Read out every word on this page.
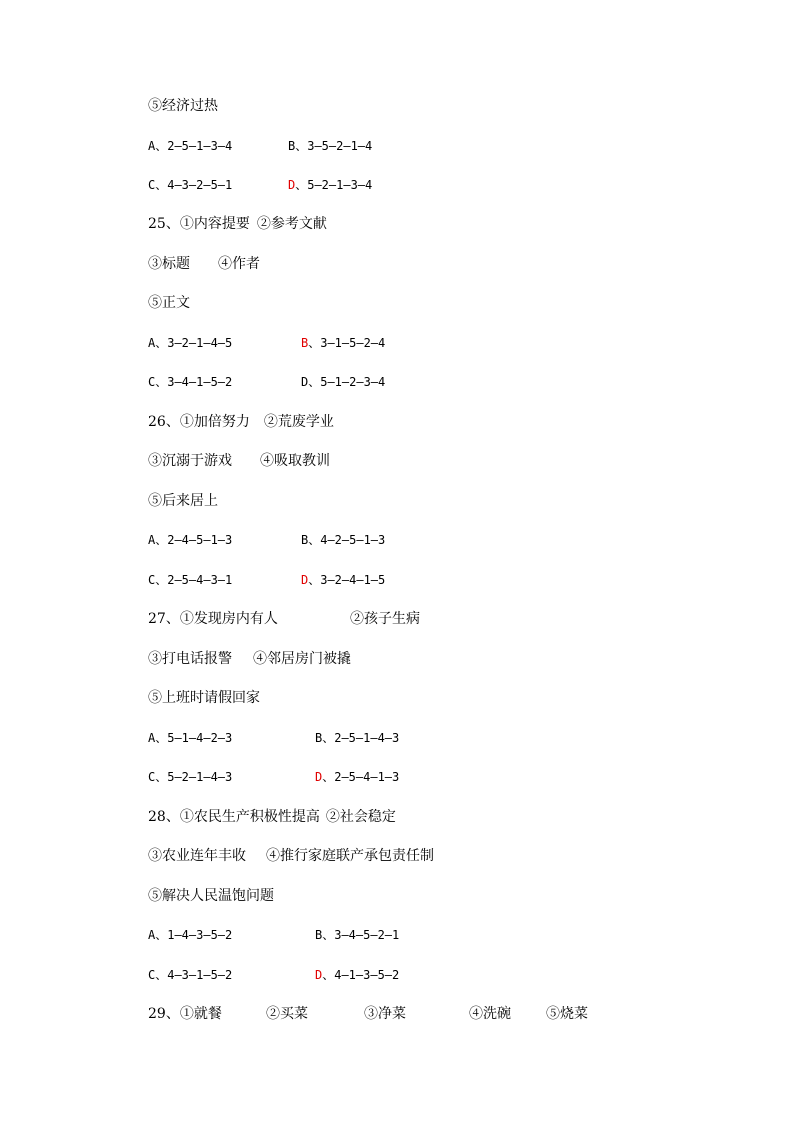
⑤经济过热
A、2—5—1—3—4	B、3—5—2—1—4
C、4—3—2—5—1	D、5—2—1—3—4
25、①内容提要 ②参考文献
③标题 ④作者
⑤正文
A、3—2—1—4—5	B、3—1—5—2—4
C、3—4—1—5—2	D、5—1—2—3—4
26、①加倍努力 ②荒废学业
③沉溺于游戏 ④吸取教训
⑤后来居上
A、2—4—5—1—3	B、4—2—5—1—3
C、2—5—4—3—1	D、3—2—4—1—5
27、①发现房内有人	②孩子生病
③打电话报警 ④邻居房门被撬
⑤上班时请假回家
A、5—1—4—2—3	B、2—5—1—4—3
C、5—2—1—4—3	D、2—5—4—1—3
28、①农民生产积极性提高 ②社会稳定
③农业连年丰收 ④推行家庭联产承包责任制
⑤解决人民温饱问题
A、1—4—3—5—2	B、3—4—5—2—1
C、4—3—1—5—2	D、4—1—3—5—2
29、①就餐	②买菜	③净菜	④洗碗	⑤烧菜
